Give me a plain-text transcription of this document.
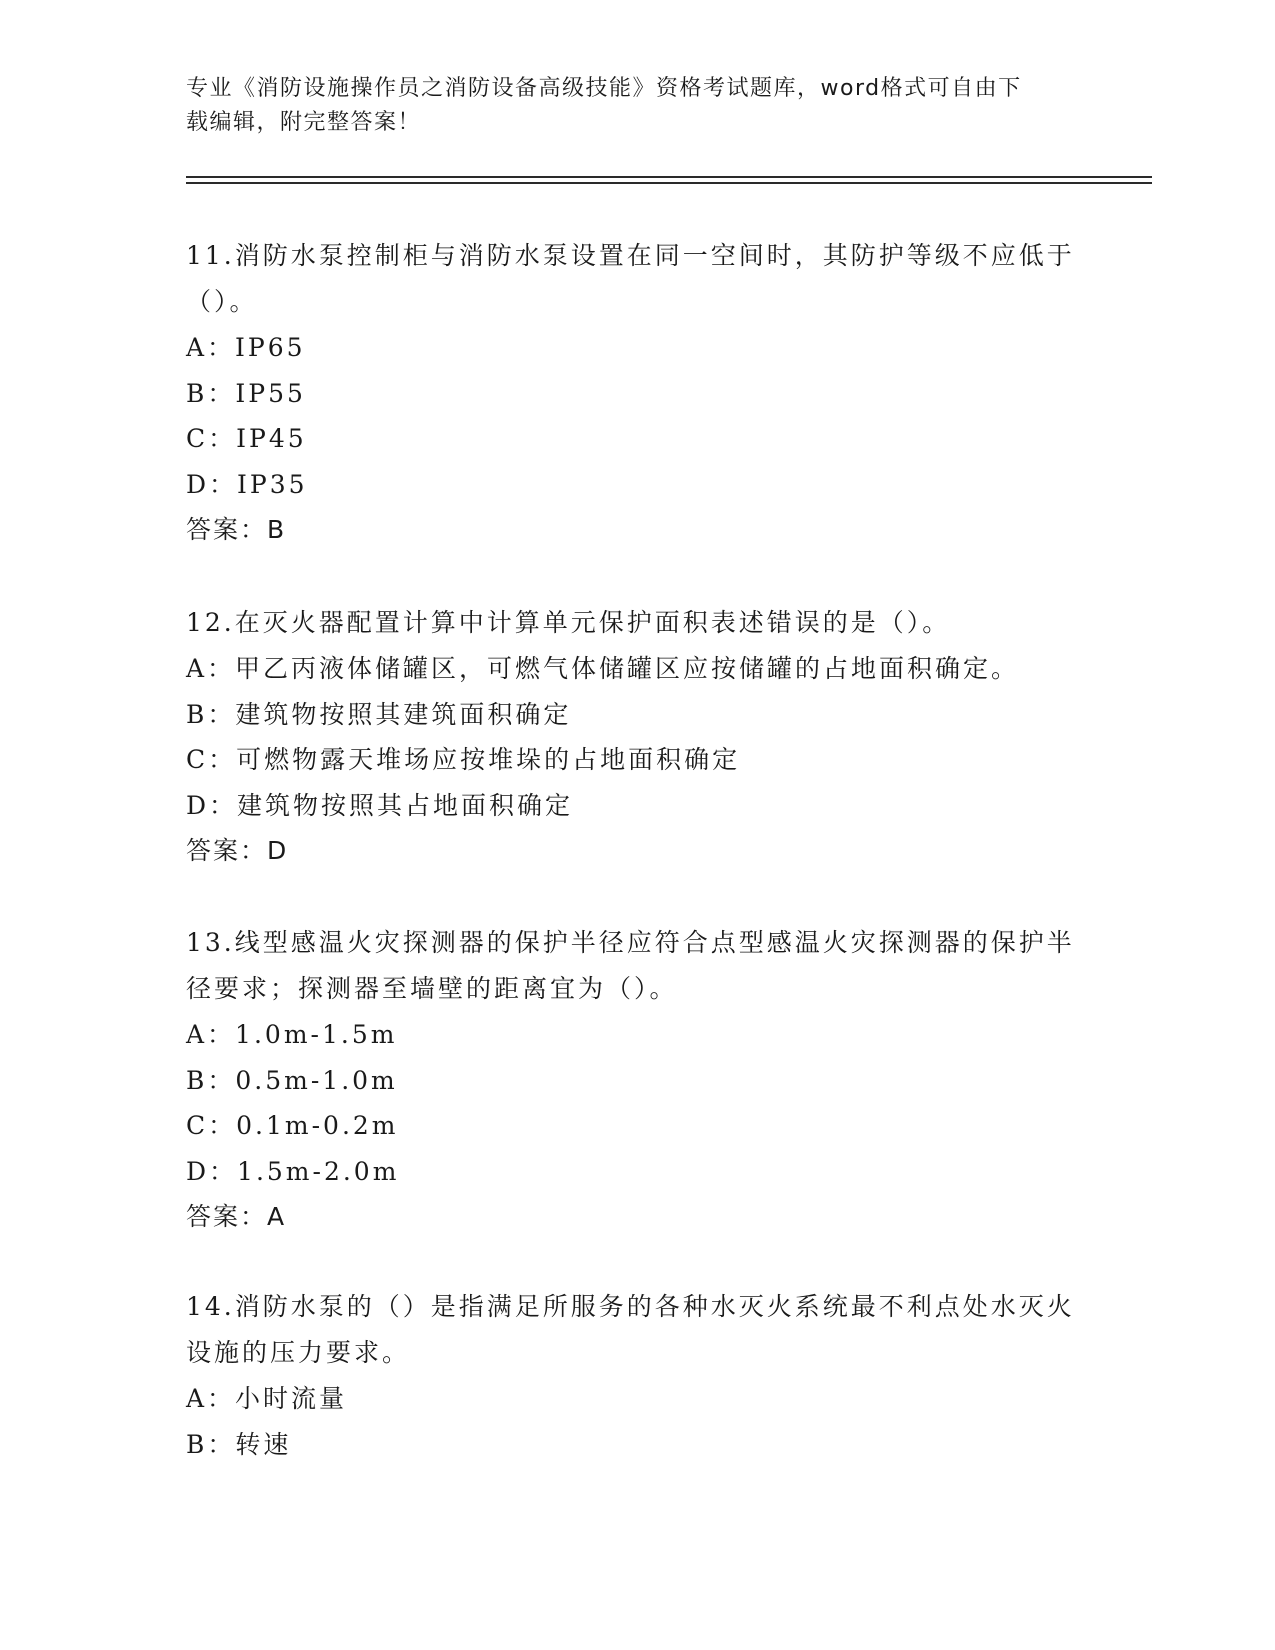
专业《消防设施操作员之消防设备高级技能》资格考试题库，word格式可自由下
载编辑，附完整答案！

11.消防水泵控制柜与消防水泵设置在同一空间时，其防护等级不应低于（）。

A：IP65

B：IP55

C：IP45

D：IP35

答案：B

12.在灭火器配置计算中计算单元保护面积表述错误的是（）。

A：甲乙丙液体储罐区，可燃气体储罐区应按储罐的占地面积确定。

B：建筑物按照其建筑面积确定

C：可燃物露天堆场应按堆垛的占地面积确定

D：建筑物按照其占地面积确定

答案：D

13.线型感温火灾探测器的保护半径应符合点型感温火灾探测器的保护半径要求；探测器至墙壁的距离宜为（）。

A：1.0m-1.5m

B：0.5m-1.0m

C：0.1m-0.2m

D：1.5m-2.0m

答案：A

14.消防水泵的（）是指满足所服务的各种水灭火系统最不利点处水灭火设施的压力要求。

A：小时流量

B：转速
